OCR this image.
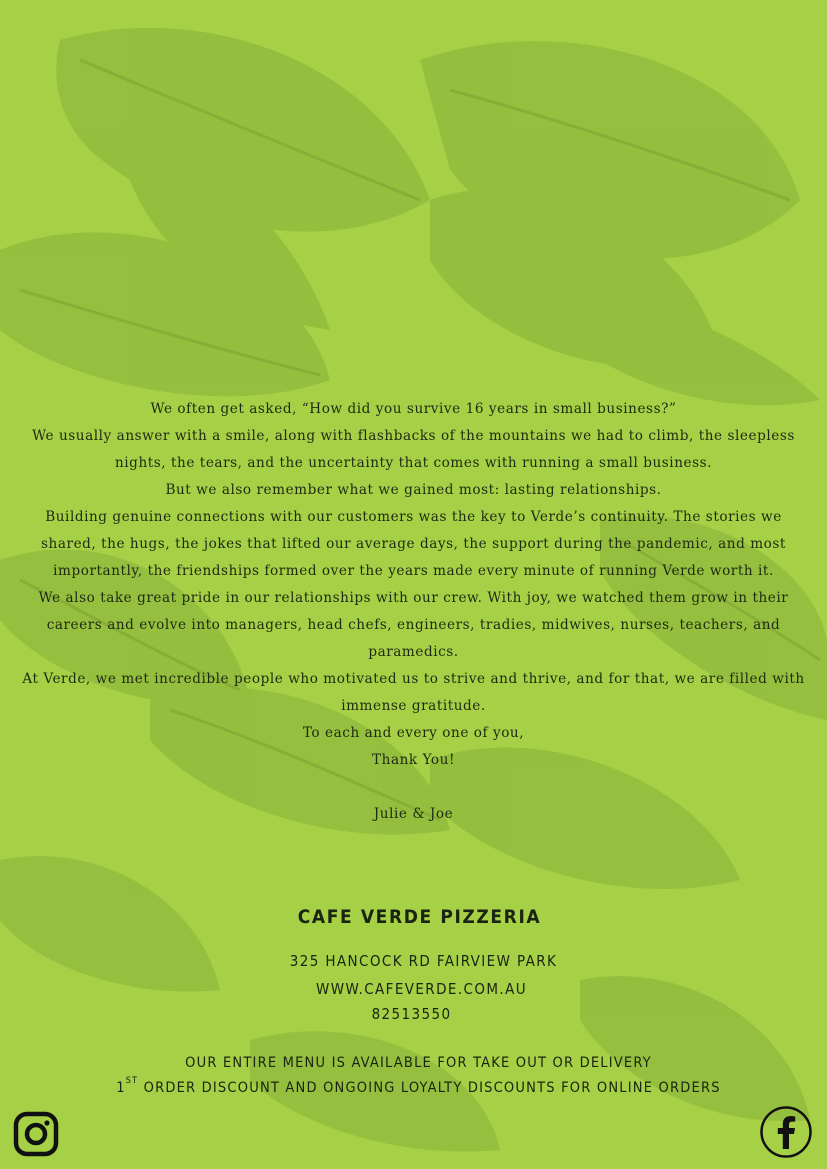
We often get asked, “How did you survive 16 years in small business?”

We usually answer with a smile, along with flashbacks of the mountains we had to climb, the sleepless

nights, the tears, and the uncertainty that comes with running a small business.

But we also remember what we gained most: lasting relationships.

Building genuine connections with our customers was the key to Verde’s continuity. The stories we

shared, the hugs, the jokes that lifted our average days, the support during the pandemic, and most

importantly, the friendships formed over the years made every minute of running Verde worth it.

We also take great pride in our relationships with our crew. With joy, we watched them grow in their

careers and evolve into managers, head chefs, engineers, tradies, midwives, nurses, teachers, and

paramedics.

At Verde, we met incredible people who motivated us to strive and thrive, and for that, we are filled with

immense gratitude.

To each and every one of you,

Thank You!

Julie & Joe

CAFE VERDE PIZZERIA
325 HANCOCK RD FAIRVIEW PARK
WWW.CAFEVERDE.COM.AU
82513550
OUR ENTIRE MENU IS AVAILABLE FOR TAKE OUT OR DELIVERY
1ST ORDER DISCOUNT AND ONGOING LOYALTY DISCOUNTS FOR ONLINE ORDERS
